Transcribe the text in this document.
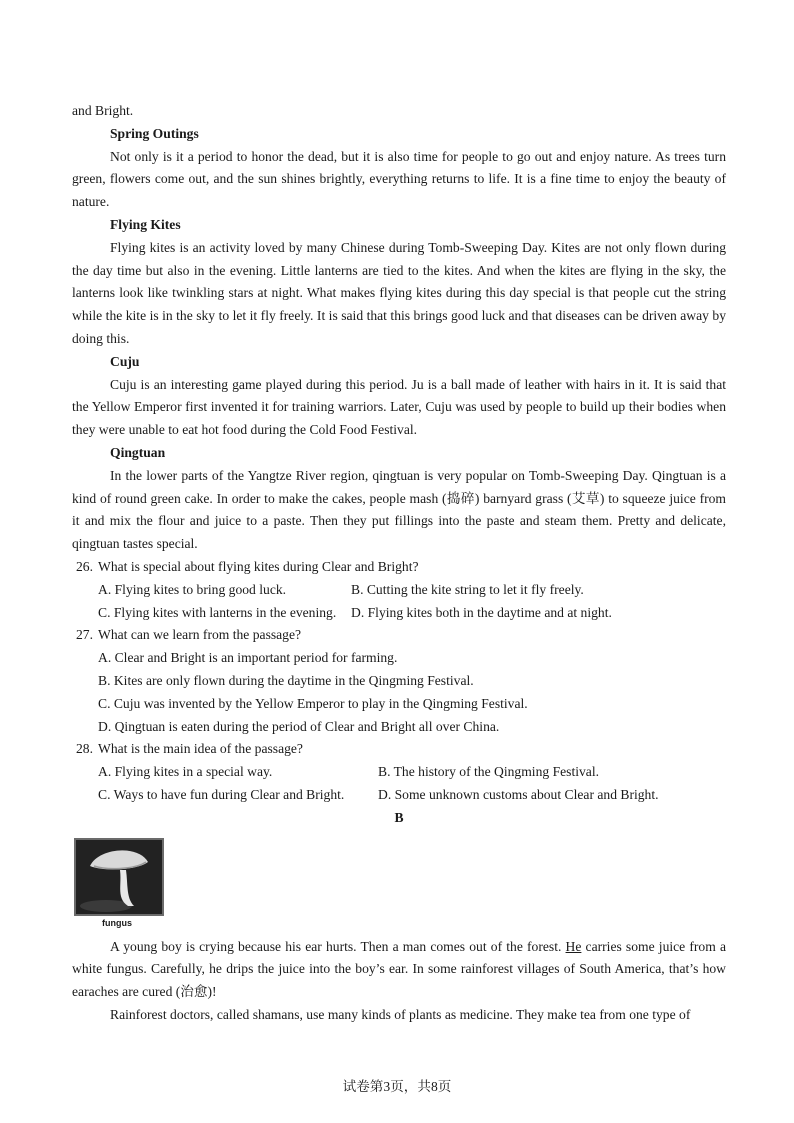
and Bright.

Spring Outings

Not only is it a period to honor the dead, but it is also time for people to go out and enjoy nature. As trees turn green, flowers come out, and the sun shines brightly, everything returns to life. It is a fine time to enjoy the beauty of nature.

Flying Kites

Flying kites is an activity loved by many Chinese during Tomb-Sweeping Day. Kites are not only flown during the day time but also in the evening. Little lanterns are tied to the kites. And when the kites are flying in the sky, the lanterns look like twinkling stars at night. What makes flying kites during this day special is that people cut the string while the kite is in the sky to let it fly freely. It is said that this brings good luck and that diseases can be driven away by doing this.

Cuju

Cuju is an interesting game played during this period. Ju is a ball made of leather with hairs in it. It is said that the Yellow Emperor first invented it for training warriors. Later, Cuju was used by people to build up their bodies when they were unable to eat hot food during the Cold Food Festival.

Qingtuan

In the lower parts of the Yangtze River region, qingtuan is very popular on Tomb-Sweeping Day. Qingtuan is a kind of round green cake. In order to make the cakes, people mash (捣碎) barnyard grass (艾草) to squeeze juice from it and mix the flour and juice to a paste. Then they put fillings into the paste and steam them. Pretty and delicate, qingtuan tastes special.

26. What is special about flying kites during Clear and Bright?
A. Flying kites to bring good luck.	B. Cutting the kite string to let it fly freely.
C. Flying kites with lanterns in the evening.	D. Flying kites both in the daytime and at night.
27. What can we learn from the passage?
A. Clear and Bright is an important period for farming.
B. Kites are only flown during the daytime in the Qingming Festival.
C. Cuju was invented by the Yellow Emperor to play in the Qingming Festival.
D. Qingtuan is eaten during the period of Clear and Bright all over China.
28. What is the main idea of the passage?
A. Flying kites in a special way.	B. The history of the Qingming Festival.
C. Ways to have fun during Clear and Bright.	D. Some unknown customs about Clear and Bright.

B

fungus

A young boy is crying because his ear hurts. Then a man comes out of the forest. He carries some juice from a white fungus. Carefully, he drips the juice into the boy’s ear. In some rainforest villages of South America, that’s how earaches are cured (治愈)!

Rainforest doctors, called shamans, use many kinds of plants as medicine. They make tea from one type of

试卷第3页，共8页
